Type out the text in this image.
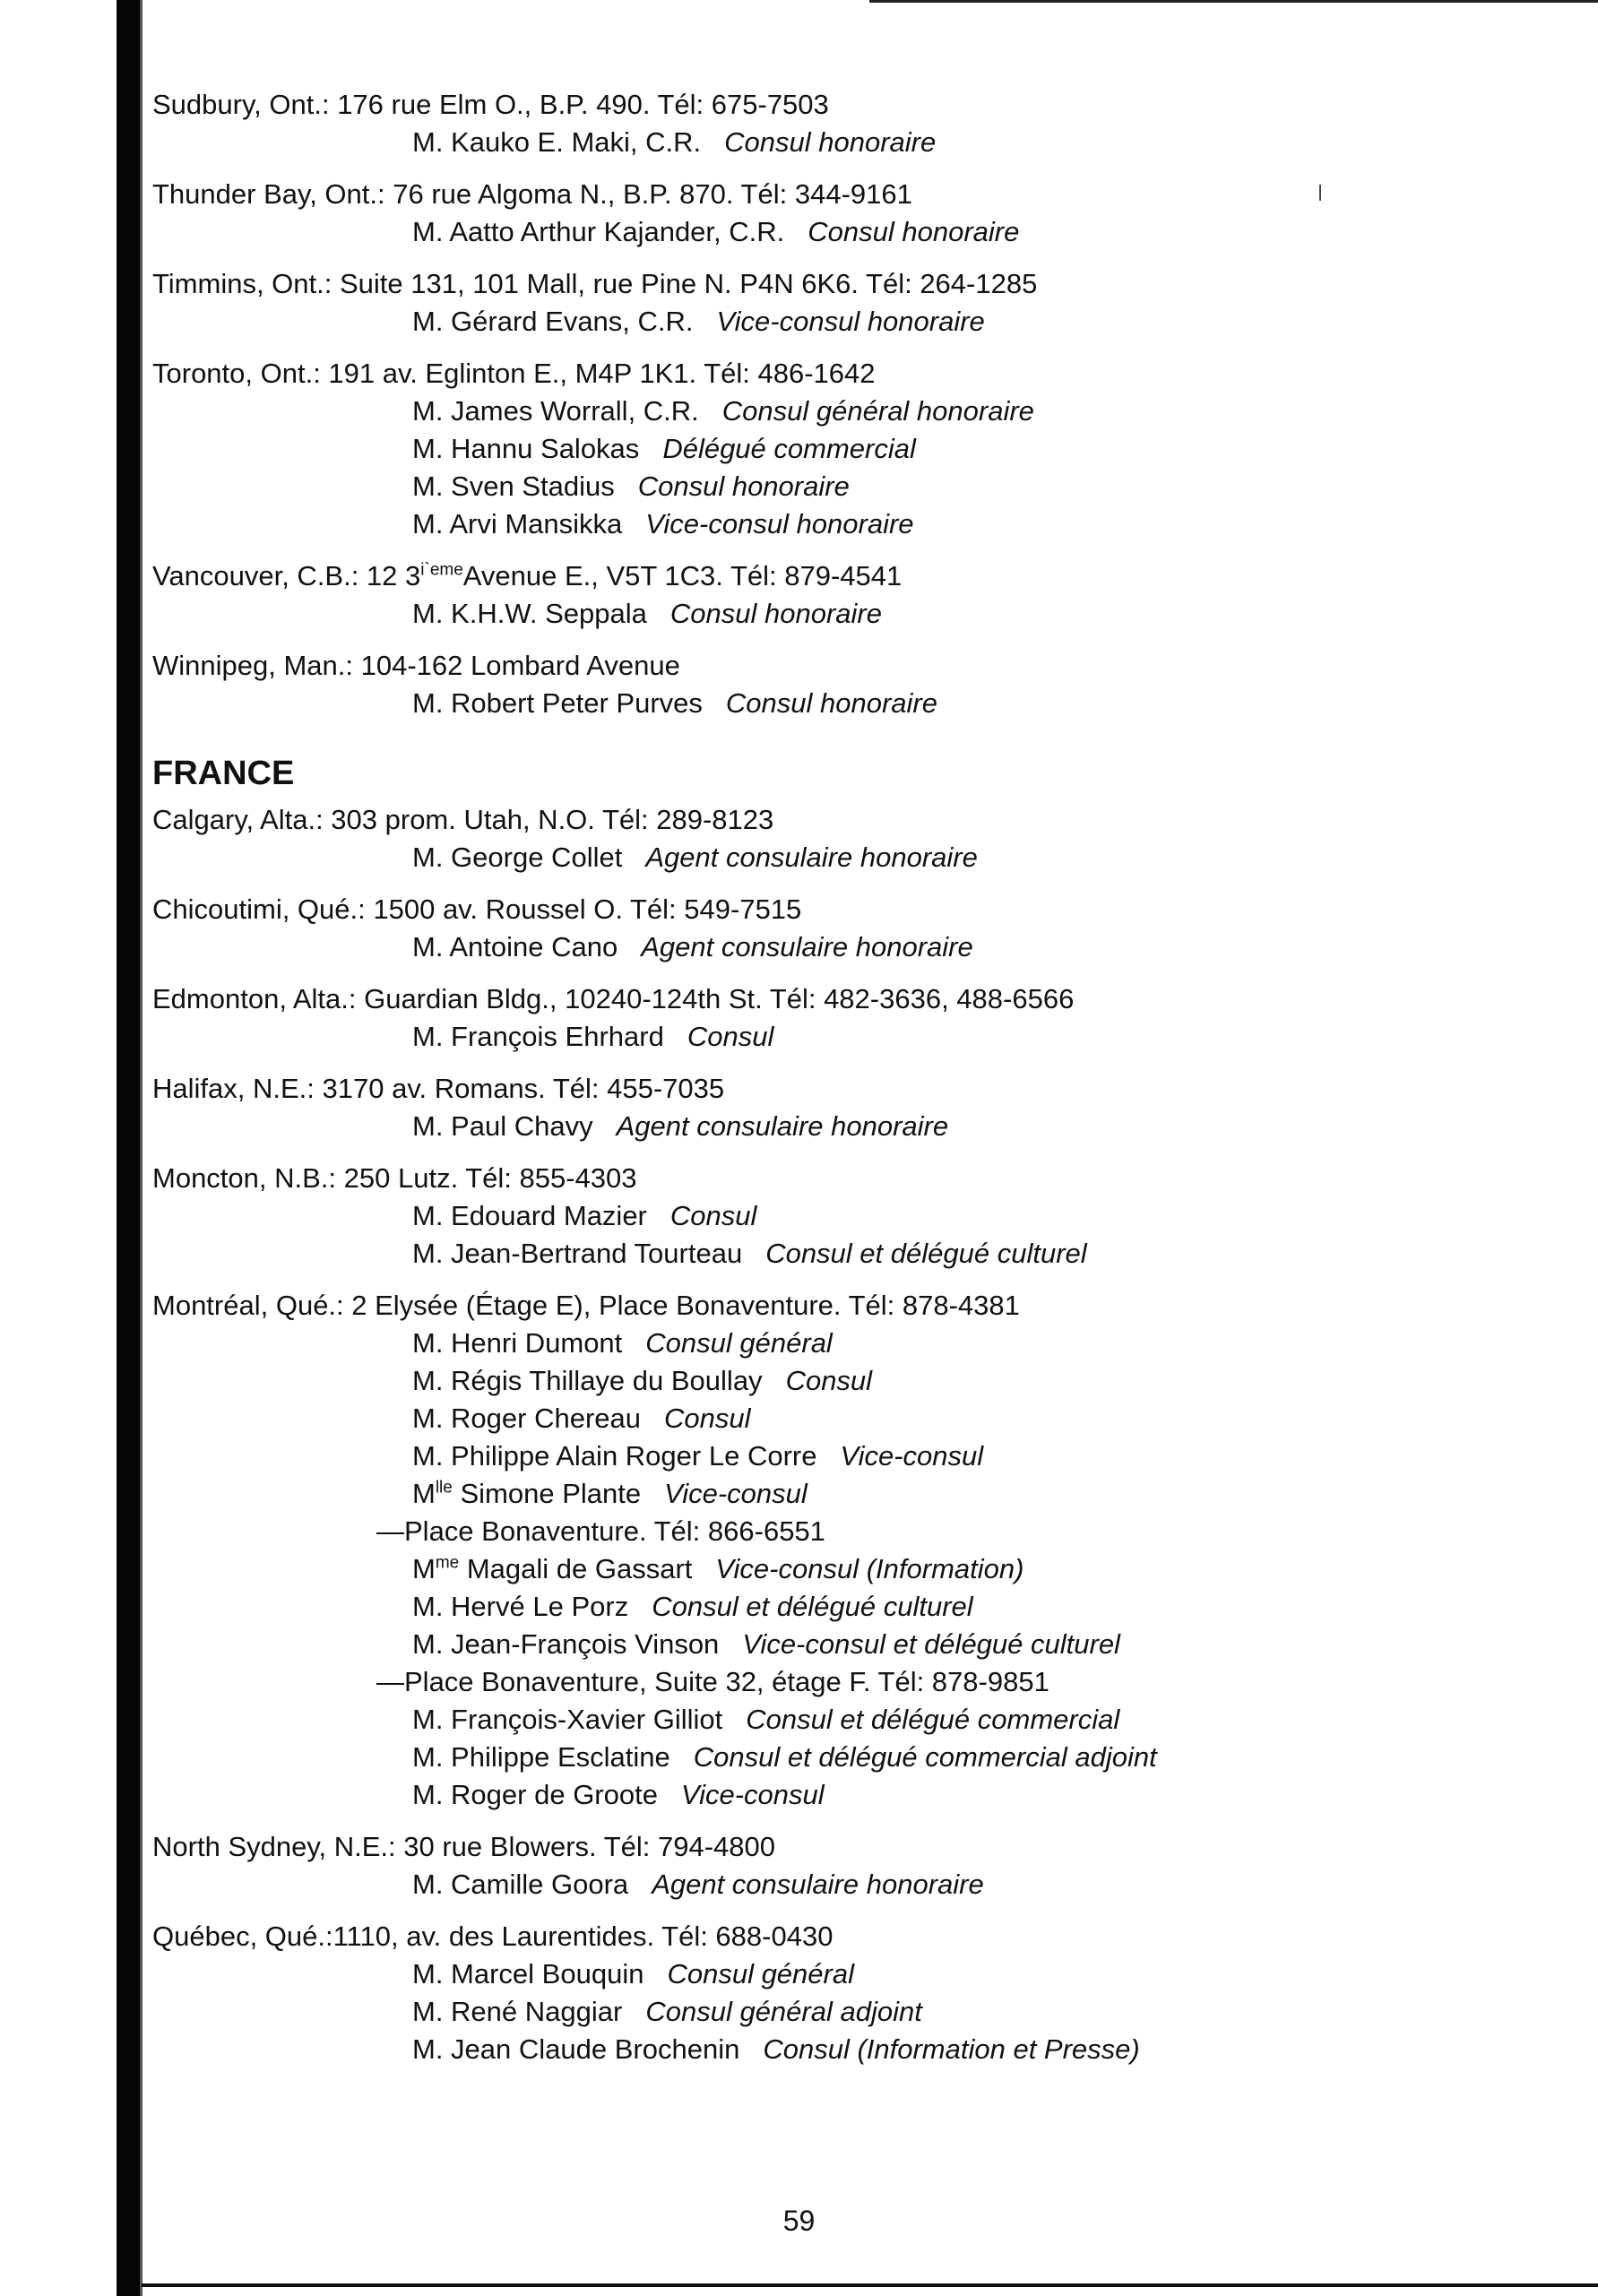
Sudbury, Ont.: 176 rue Elm O., B.P. 490. Tél: 675-7503
M. Kauko E. Maki, C.R. Consul honoraire
Thunder Bay, Ont.: 76 rue Algoma N., B.P. 870. Tél: 344-9161
M. Aatto Arthur Kajander, C.R. Consul honoraire
Timmins, Ont.: Suite 131, 101 Mall, rue Pine N. P4N 6K6. Tél: 264-1285
M. Gérard Evans, C.R. Vice-consul honoraire
Toronto, Ont.: 191 av. Eglinton E., M4P 1K1. Tél: 486-1642
M. James Worrall, C.R. Consul général honoraire
M. Hannu Salokas Délégué commercial
M. Sven Stadius Consul honoraire
M. Arvi Mansikka Vice-consul honoraire
Vancouver, C.B.: 12 $3^{i`eme}Avenue$ E., V5T 1C3. Tél: 879-4541
M. K.H.W. Seppala Consul honoraire
Winnipeg, Man.: 104-162 Lombard Avenue
M. Robert Peter Purves Consul honoraire
FRANCE
Calgary, Alta.: 303 prom. Utah, N.O. Tél: 289-8123
M. George Collet Agent consulaire honoraire
Chicoutimi, Qué.: 1500 av. Roussel O. Tél: 549-7515
M. Antoine Cano Agent consulaire honoraire
Edmonton, Alta.: Guardian Bldg., 10240-124th St. Tél: 482-3636, 488-6566
M. François Ehrhard Consul
Halifax, N.E.: 3170 av. Romans. Tél: 455-7035
M. Paul Chavy Agent consulaire honoraire
Moncton, N.B.: 250 Lutz. Tél: 855-4303
M. Edouard Mazier Consul
M. Jean-Bertrand Tourteau Consul et délégué culturel
Montréal, Qué.: 2 Elysée (Étage E), Place Bonaventure. Tél: 878-4381
M. Henri Dumont Consul général
M. Régis Thillaye du Boullay Consul
M. Roger Chereau Consul
M. Philippe Alain Roger Le Corre Vice-consul
$M^{lle}$ Simone Plante Vice-consul
—Place Bonaventure. Tél: 866-6551
$M^{me}$ Magali de Gassart Vice-consul (Information)
M. Hervé Le Porz Consul et délégué culturel
M. Jean-François Vinson Vice-consul et délégué culturel
—Place Bonaventure, Suite 32, étage F. Tél: 878-9851
M. François-Xavier Gilliot Consul et délégué commercial
M. Philippe Esclatine Consul et délégué commercial adjoint
M. Roger de Groote Vice-consul
North Sydney, N.E.: 30 rue Blowers. Tél: 794-4800
M. Camille Goora Agent consulaire honoraire
Québec, Qué.:1110, av. des Laurentides. Tél: 688-0430
M. Marcel Bouquin Consul général
M. René Naggiar Consul général adjoint
M. Jean Claude Brochenin Consul (Information et Presse)
59
